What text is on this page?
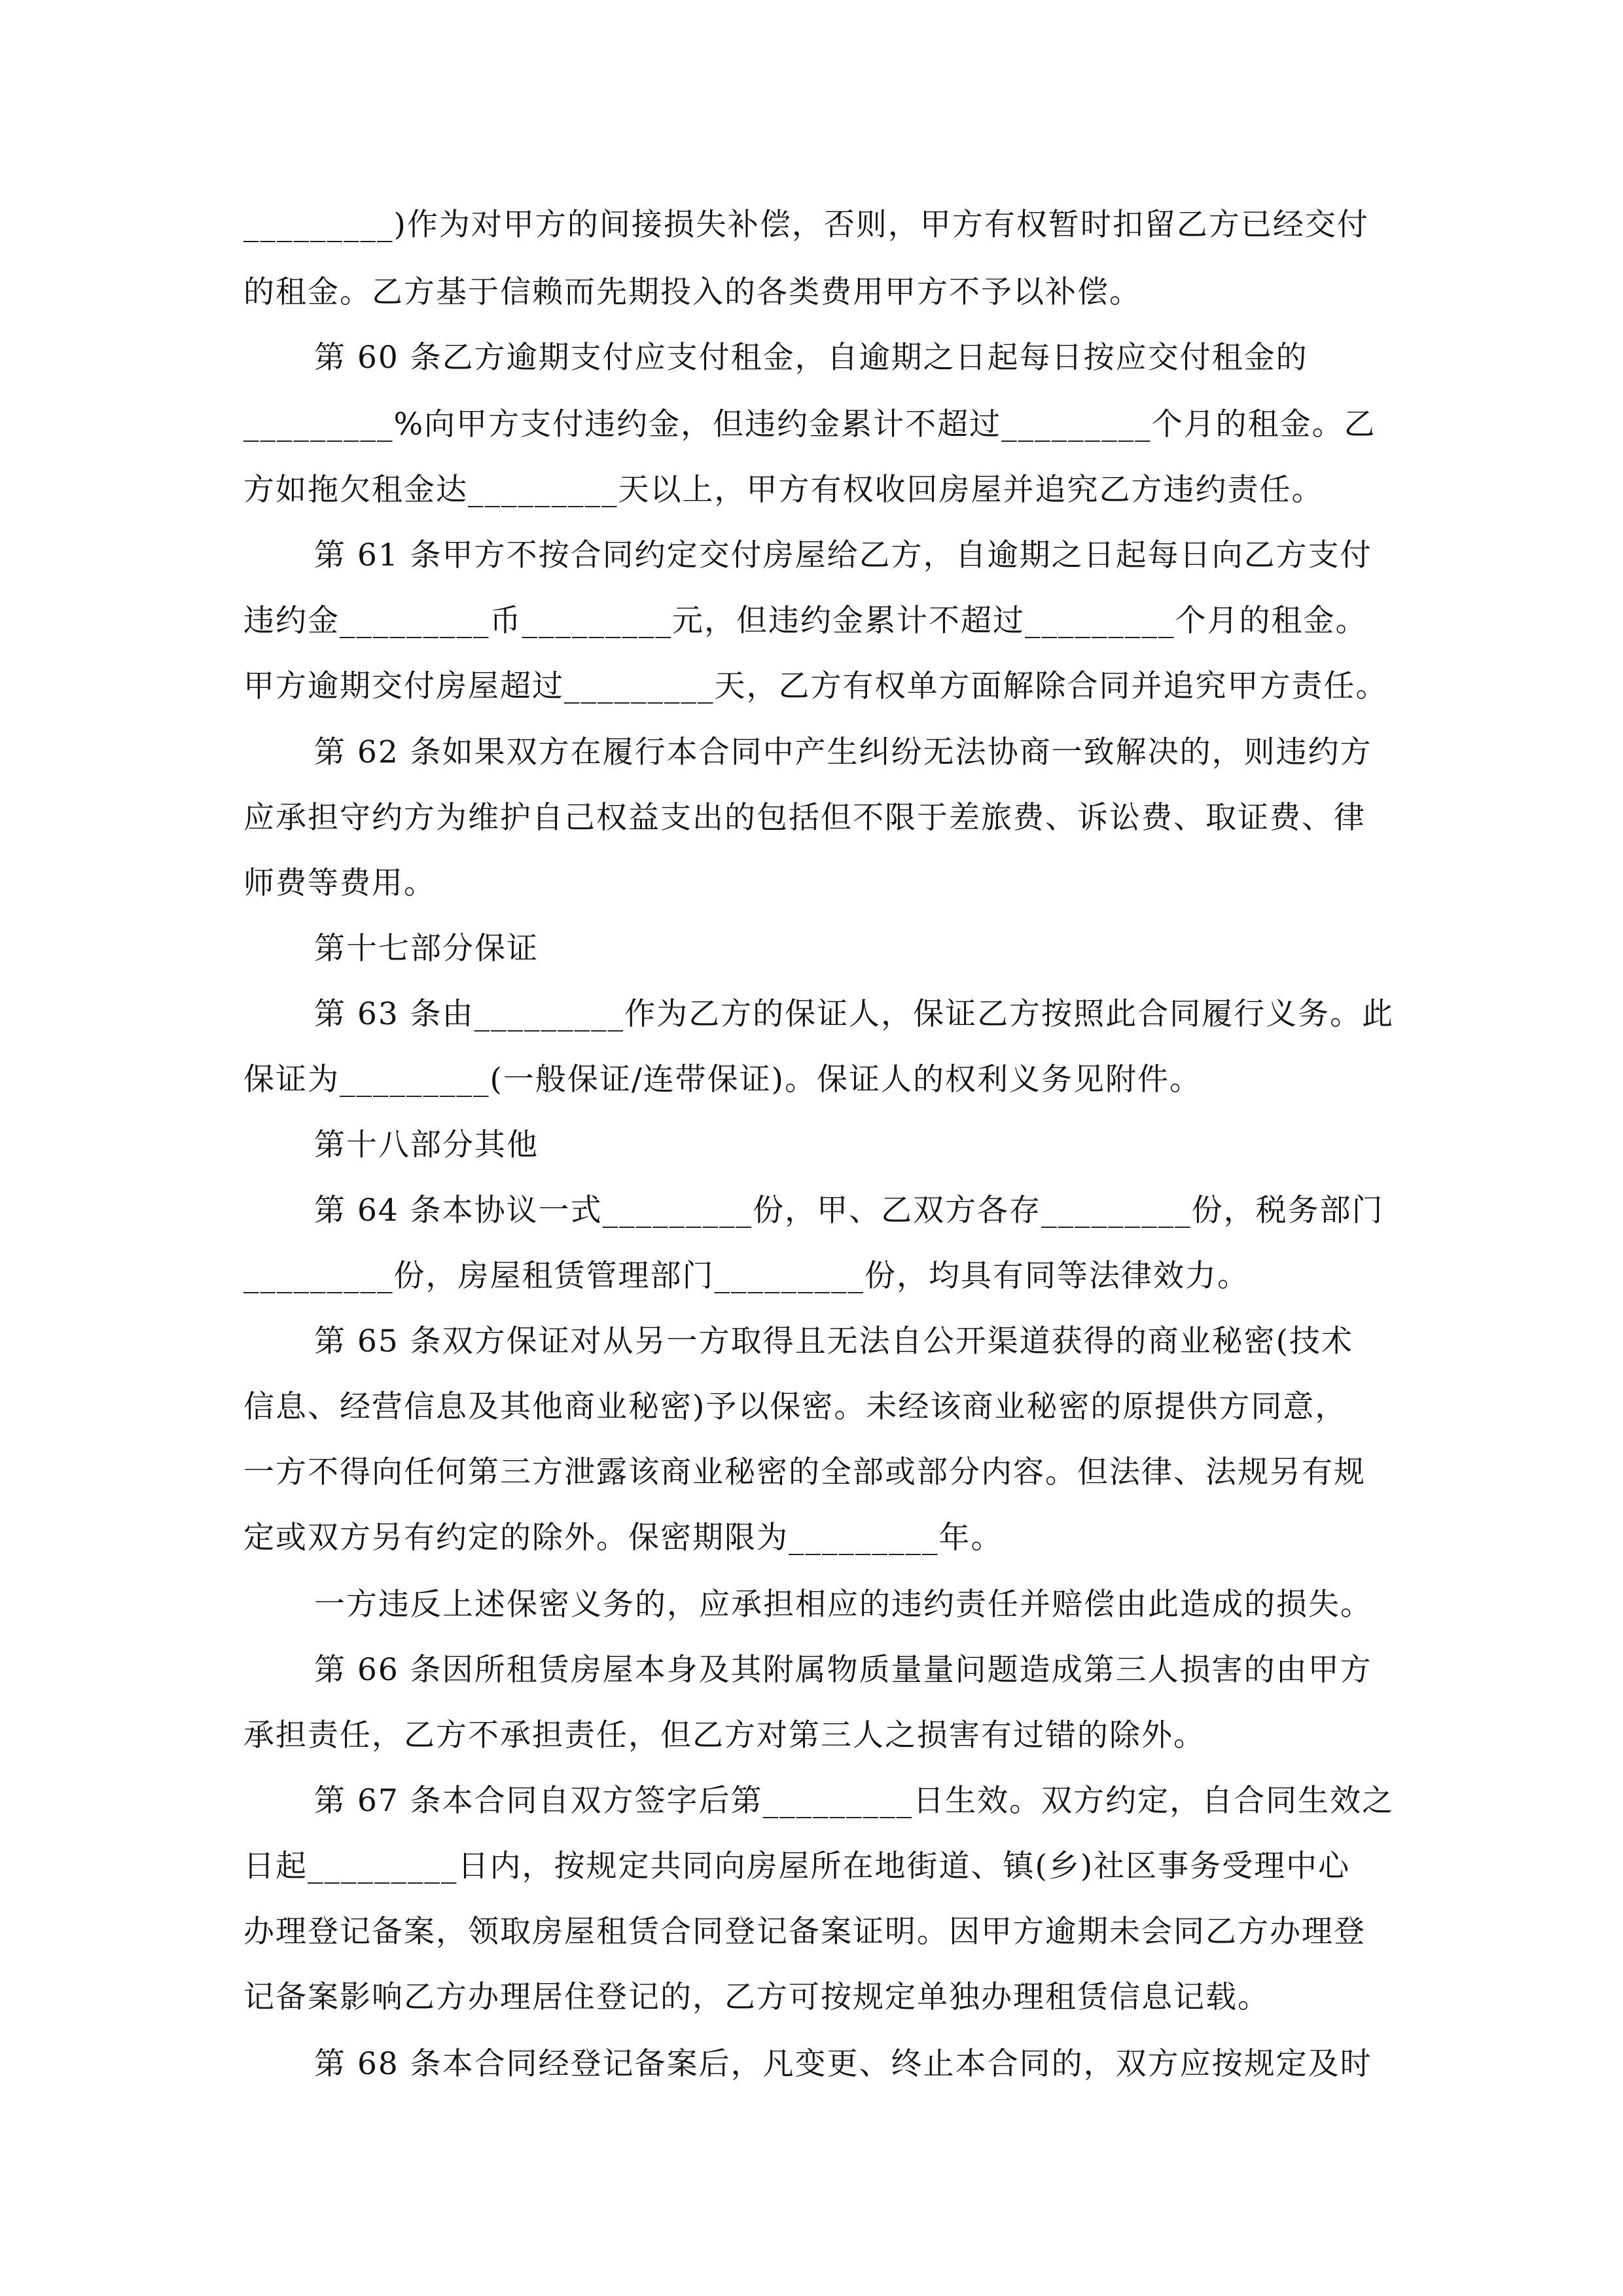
_________)作为对甲方的间接损失补偿，否则，甲方有权暂时扣留乙方已经交付

的租金。乙方基于信赖而先期投入的各类费用甲方不予以补偿。

第 60 条乙方逾期支付应支付租金，自逾期之日起每日按应交付租金的

_________%向甲方支付违约金，但违约金累计不超过_________个月的租金。乙

方如拖欠租金达_________天以上，甲方有权收回房屋并追究乙方违约责任。

第 61 条甲方不按合同约定交付房屋给乙方，自逾期之日起每日向乙方支付

违约金_________币_________元，但违约金累计不超过_________个月的租金。

甲方逾期交付房屋超过_________天，乙方有权单方面解除合同并追究甲方责任。

第 62 条如果双方在履行本合同中产生纠纷无法协商一致解决的，则违约方

应承担守约方为维护自己权益支出的包括但不限于差旅费、诉讼费、取证费、律

师费等费用。

第十七部分保证

第 63 条由_________作为乙方的保证人，保证乙方按照此合同履行义务。此

保证为_________(一般保证/连带保证)。保证人的权利义务见附件。

第十八部分其他

第 64 条本协议一式_________份，甲、乙双方各存_________份，税务部门

_________份，房屋租赁管理部门_________份，均具有同等法律效力。

第 65 条双方保证对从另一方取得且无法自公开渠道获得的商业秘密(技术

信息、经营信息及其他商业秘密)予以保密。未经该商业秘密的原提供方同意，

一方不得向任何第三方泄露该商业秘密的全部或部分内容。但法律、法规另有规

定或双方另有约定的除外。保密期限为_________年。

一方违反上述保密义务的，应承担相应的违约责任并赔偿由此造成的损失。

第 66 条因所租赁房屋本身及其附属物质量量问题造成第三人损害的由甲方

承担责任，乙方不承担责任，但乙方对第三人之损害有过错的除外。

第 67 条本合同自双方签字后第_________日生效。双方约定，自合同生效之

日起_________日内，按规定共同向房屋所在地街道、镇(乡)社区事务受理中心

办理登记备案，领取房屋租赁合同登记备案证明。因甲方逾期未会同乙方办理登

记备案影响乙方办理居住登记的，乙方可按规定单独办理租赁信息记载。

第 68 条本合同经登记备案后，凡变更、终止本合同的，双方应按规定及时
